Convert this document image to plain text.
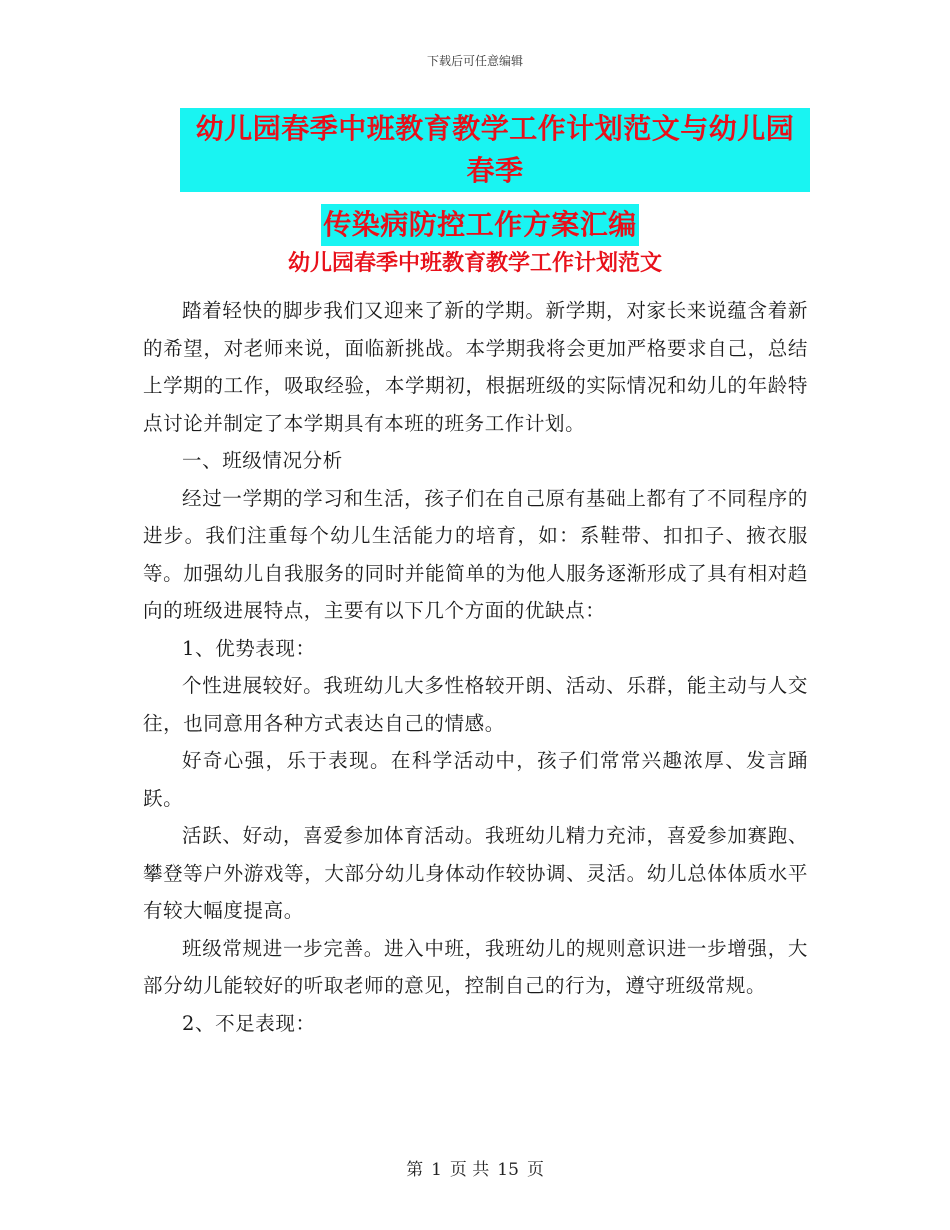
下载后可任意编辑
幼儿园春季中班教育教学工作计划范文与幼儿园春季
传染病防控工作方案汇编
幼儿园春季中班教育教学工作计划范文

踏着轻快的脚步我们又迎来了新的学期。新学期，对家长来说蕴含着新的希望，对老师来说，面临新挑战。本学期我将会更加严格要求自己，总结上学期的工作，吸取经验，本学期初，根据班级的实际情况和幼儿的年龄特点讨论并制定了本学期具有本班的班务工作计划。

一、班级情况分析

经过一学期的学习和生活，孩子们在自己原有基础上都有了不同程序的进步。我们注重每个幼儿生活能力的培育，如：系鞋带、扣扣子、掖衣服等。加强幼儿自我服务的同时并能简单的为他人服务逐渐形成了具有相对趋向的班级进展特点，主要有以下几个方面的优缺点：

1、优势表现：

个性进展较好。我班幼儿大多性格较开朗、活动、乐群，能主动与人交往，也同意用各种方式表达自己的情感。

好奇心强，乐于表现。在科学活动中，孩子们常常兴趣浓厚、发言踊跃。

活跃、好动，喜爱参加体育活动。我班幼儿精力充沛，喜爱参加赛跑、攀登等户外游戏等，大部分幼儿身体动作较协调、灵活。幼儿总体体质水平有较大幅度提高。

班级常规进一步完善。进入中班，我班幼儿的规则意识进一步增强，大部分幼儿能较好的听取老师的意见，控制自己的行为，遵守班级常规。

2、不足表现：

第 1 页 共 15 页
